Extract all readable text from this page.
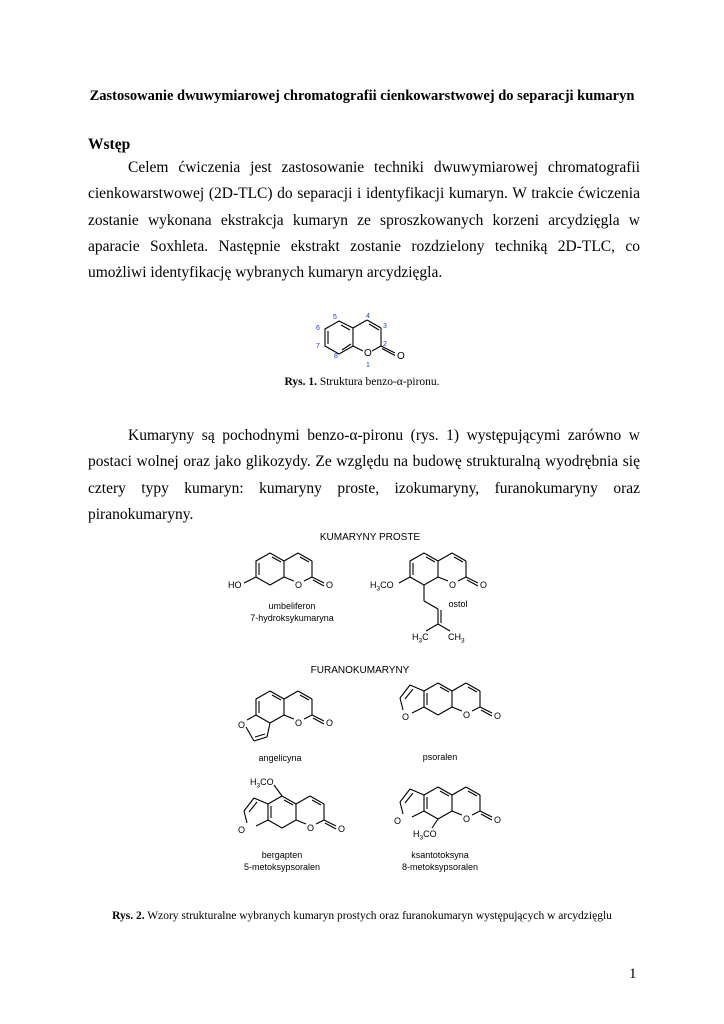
Zastosowanie dwuwymiarowej chromatografii cienkowarstwowej do separacji kumaryn
Wstęp
Celem ćwiczenia jest zastosowanie techniki dwuwymiarowej chromatografii cienkowarstwowej (2D-TLC) do separacji i identyfikacji kumaryn. W trakcie ćwiczenia zostanie wykonana ekstrakcja kumaryn ze sproszkowanych korzeni arcydzięgla w aparacie Soxhleta. Następnie ekstrakt zostanie rozdzielony techniką 2D-TLC, co umożliwi identyfikację wybranych kumaryn arcydzięgla.
5	4
3
6
7	2
8
1
O	O
Rys. 1. Struktura benzo-α-pironu.
Kumaryny są pochodnymi benzo-α-pironu (rys. 1) występującymi zarówno w postaci wolnej oraz jako glikozydy. Ze względu na budowę strukturalną wyodrębnia się cztery typy kumaryn: kumaryny proste, izokumaryny, furanokumaryny oraz piranokumaryny.
KUMARYNY PROSTE
FURANOKUMARYNY
HO	O	O
umbeliferon
7-hydroksykumaryna
$H_3CO$	O	O
ostol
$H_3C$ $CH_3$
O	O	O
angelicyna
O	O	O
psoralen
$H_3CO$
O	O	O
bergapten
5-metoksypsoralen
O	O	O
$H_3CO$
ksantotoksyna
8-metoksypsoralen
Rys. 2. Wzory strukturalne wybranych kumaryn prostych oraz furanokumaryn występujących w arcydzięglu
1
